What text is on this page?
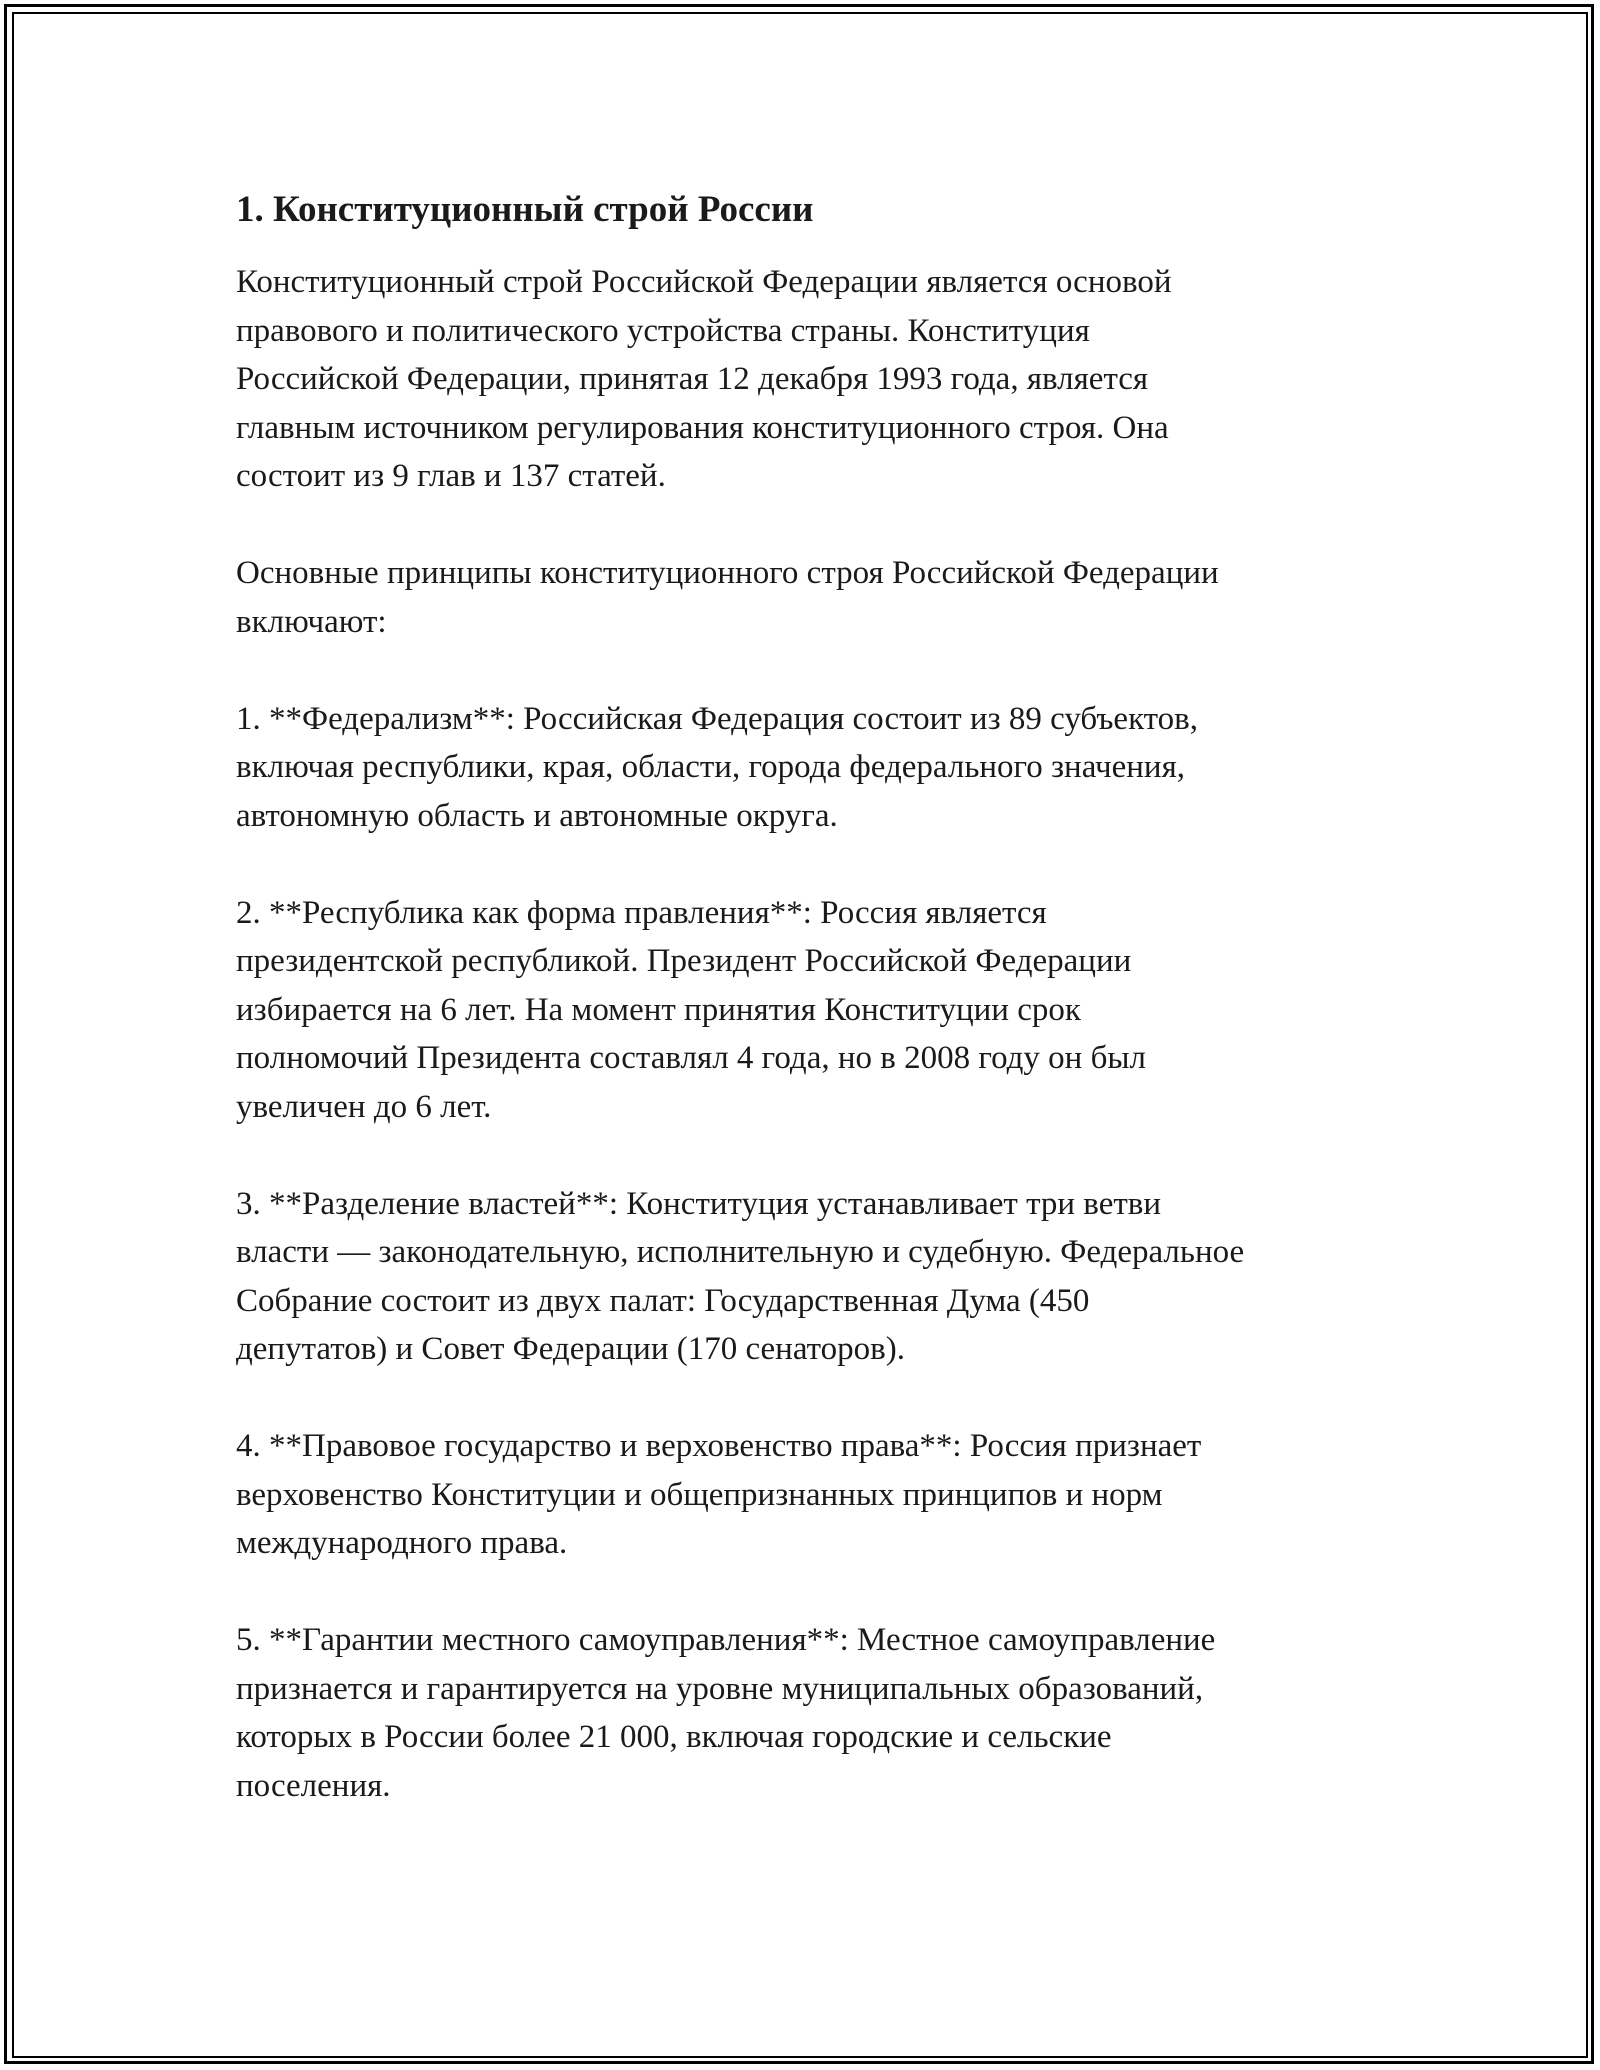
1. Конституционный строй России

Конституционный строй Российской Федерации является основой
правового и политического устройства страны. Конституция
Российской Федерации, принятая 12 декабря 1993 года, является
главным источником регулирования конституционного строя. Она
состоит из 9 глав и 137 статей.

Основные принципы конституционного строя Российской Федерации
включают:

1. **Федерализм**: Российская Федерация состоит из 89 субъектов,
включая республики, края, области, города федерального значения,
автономную область и автономные округа.

2. **Республика как форма правления**: Россия является
президентской республикой. Президент Российской Федерации
избирается на 6 лет. На момент принятия Конституции срок
полномочий Президента составлял 4 года, но в 2008 году он был
увеличен до 6 лет.

3. **Разделение властей**: Конституция устанавливает три ветви
власти — законодательную, исполнительную и судебную. Федеральное
Собрание состоит из двух палат: Государственная Дума (450
депутатов) и Совет Федерации (170 сенаторов).

4. **Правовое государство и верховенство права**: Россия признает
верховенство Конституции и общепризнанных принципов и норм
международного права.

5. **Гарантии местного самоуправления**: Местное самоуправление
признается и гарантируется на уровне муниципальных образований,
которых в России более 21 000, включая городские и сельские
поселения.
